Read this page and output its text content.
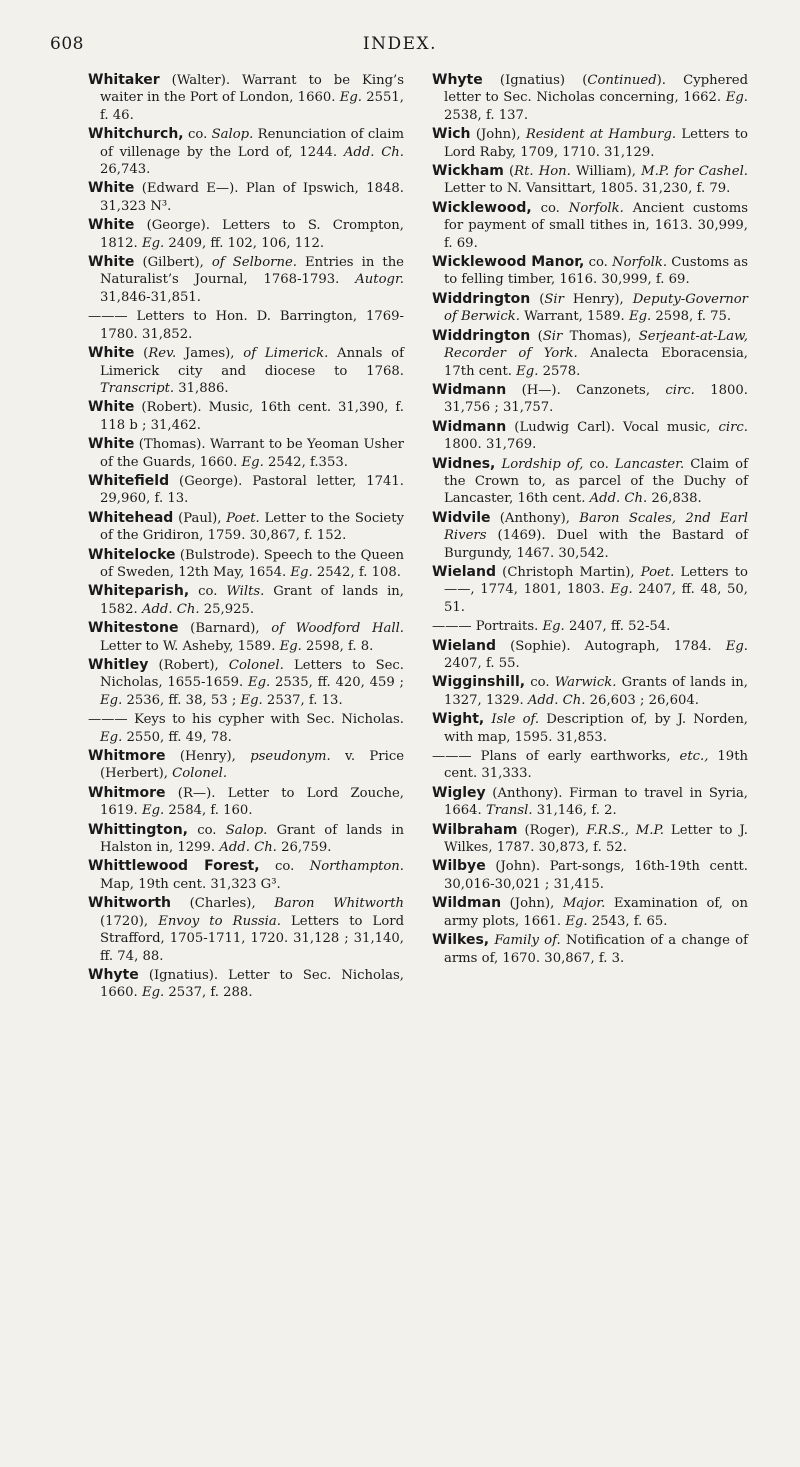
608	INDEX.

Whitaker (Walter). Warrant to be King’s waiter in the Port of London, 1660. Eg. 2551, f. 46.

Whitchurch, co. Salop. Renunciation of claim of villenage by the Lord of, 1244. Add. Ch. 26,743.

White (Edward E—). Plan of Ipswich, 1848. 31,323 N³.

White (George). Letters to S. Crompton, 1812. Eg. 2409, ff. 102, 106, 112.

White (Gilbert), of Selborne. Entries in the Naturalist’s Journal, 1768-1793. Autogr. 31,846-31,851.

——— Letters to Hon. D. Barrington, 1769-1780. 31,852.

White (Rev. James), of Limerick. Annals of Limerick city and diocese to 1768. Transcript. 31,886.

White (Robert). Music, 16th cent. 31,390, f. 118 b ; 31,462.

White (Thomas). Warrant to be Yeoman Usher of the Guards, 1660. Eg. 2542, f.353.

Whitefield (George). Pastoral letter, 1741. 29,960, f. 13.

Whitehead (Paul), Poet. Letter to the Society of the Gridiron, 1759. 30,867, f. 152.

Whitelocke (Bulstrode). Speech to the Queen of Sweden, 12th May, 1654. Eg. 2542, f. 108.

Whiteparish, co. Wilts. Grant of lands in, 1582. Add. Ch. 25,925.

Whitestone (Barnard), of Woodford Hall. Letter to W. Asheby, 1589. Eg. 2598, f. 8.

Whitley (Robert), Colonel. Letters to Sec. Nicholas, 1655-1659. Eg. 2535, ff. 420, 459 ; Eg. 2536, ff. 38, 53 ; Eg. 2537, f. 13.

——— Keys to his cypher with Sec. Nicholas. Eg. 2550, ff. 49, 78.

Whitmore (Henry), pseudonym. v. Price (Herbert), Colonel.

Whitmore (R—). Letter to Lord Zouche, 1619. Eg. 2584, f. 160.

Whittington, co. Salop. Grant of lands in Halston in, 1299. Add. Ch. 26,759.

Whittlewood Forest, co. Northampton. Map, 19th cent. 31,323 G³.

Whitworth (Charles), Baron Whitworth (1720), Envoy to Russia. Letters to Lord Strafford, 1705-1711, 1720. 31,128 ; 31,140, ff. 74, 88.

Whyte (Ignatius). Letter to Sec. Nicholas, 1660. Eg. 2537, f. 288.

Whyte (Ignatius) (Continued). Cyphered letter to Sec. Nicholas concerning, 1662. Eg. 2538, f. 137.

Wich (John), Resident at Hamburg. Letters to Lord Raby, 1709, 1710. 31,129.

Wickham (Rt. Hon. William), M.P. for Cashel. Letter to N. Vansittart, 1805. 31,230, f. 79.

Wicklewood, co. Norfolk. Ancient customs for payment of small tithes in, 1613. 30,999, f. 69.

Wicklewood Manor, co. Norfolk. Customs as to felling timber, 1616. 30,999, f. 69.

Widdrington (Sir Henry), Deputy-Governor of Berwick. Warrant, 1589. Eg. 2598, f. 75.

Widdrington (Sir Thomas), Serjeant-at-Law, Recorder of York. Analecta Eboracensia, 17th cent. Eg. 2578.

Widmann (H—). Canzonets, circ. 1800. 31,756 ; 31,757.

Widmann (Ludwig Carl). Vocal music, circ. 1800. 31,769.

Widnes, Lordship of, co. Lancaster. Claim of the Crown to, as parcel of the Duchy of Lancaster, 16th cent. Add. Ch. 26,838.

Widvile (Anthony), Baron Scales, 2nd Earl Rivers (1469). Duel with the Bastard of Burgundy, 1467. 30,542.

Wieland (Christoph Martin), Poet. Letters to ——, 1774, 1801, 1803. Eg. 2407, ff. 48, 50, 51.

——— Portraits. Eg. 2407, ff. 52-54.

Wieland (Sophie). Autograph, 1784. Eg. 2407, f. 55.

Wigginshill, co. Warwick. Grants of lands in, 1327, 1329. Add. Ch. 26,603 ; 26,604.

Wight, Isle of. Description of, by J. Norden, with map, 1595. 31,853.

——— Plans of early earthworks, etc., 19th cent. 31,333.

Wigley (Anthony). Firman to travel in Syria, 1664. Transl. 31,146, f. 2.

Wilbraham (Roger), F.R.S., M.P. Letter to J. Wilkes, 1787. 30,873, f. 52.

Wilbye (John). Part-songs, 16th-19th centt. 30,016-30,021 ; 31,415.

Wildman (John), Major. Examination of, on army plots, 1661. Eg. 2543, f. 65.

Wilkes, Family of. Notification of a change of arms of, 1670. 30,867, f. 3.
